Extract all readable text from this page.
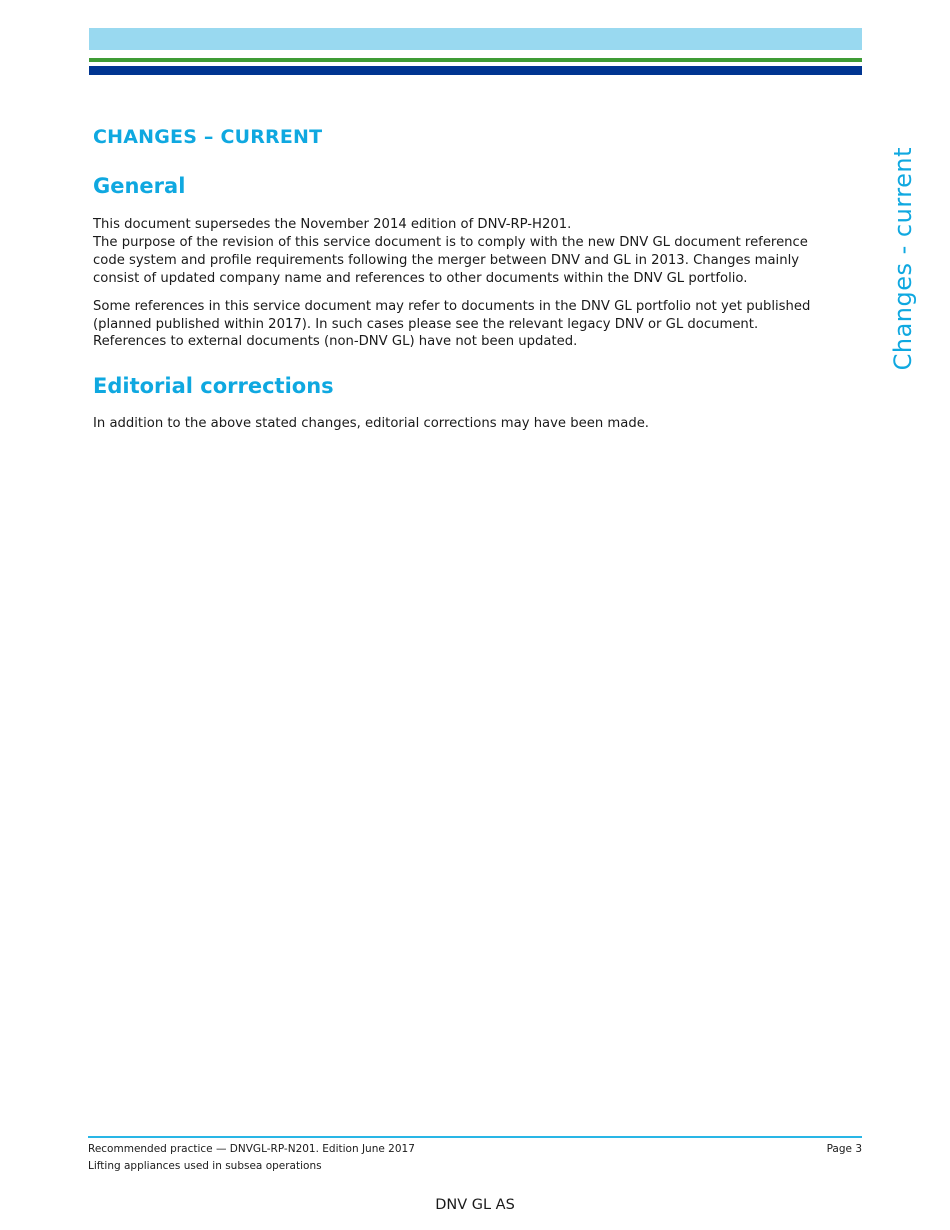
CHANGES – CURRENT
General

This document supersedes the November 2014 edition of DNV-RP-H201.
The purpose of the revision of this service document is to comply with the new DNV GL document reference
code system and profile requirements following the merger between DNV and GL in 2013. Changes mainly
consist of updated company name and references to other documents within the DNV GL portfolio.

Some references in this service document may refer to documents in the DNV GL portfolio not yet published
(planned published within 2017). In such cases please see the relevant legacy DNV or GL document.
References to external documents (non-DNV GL) have not been updated.

Editorial corrections

In addition to the above stated changes, editorial corrections may have been made.

Changes - current
Recommended practice — DNVGL-RP-N201. Edition June 2017
Lifting appliances used in subsea operations
Page 3
DNV GL AS
